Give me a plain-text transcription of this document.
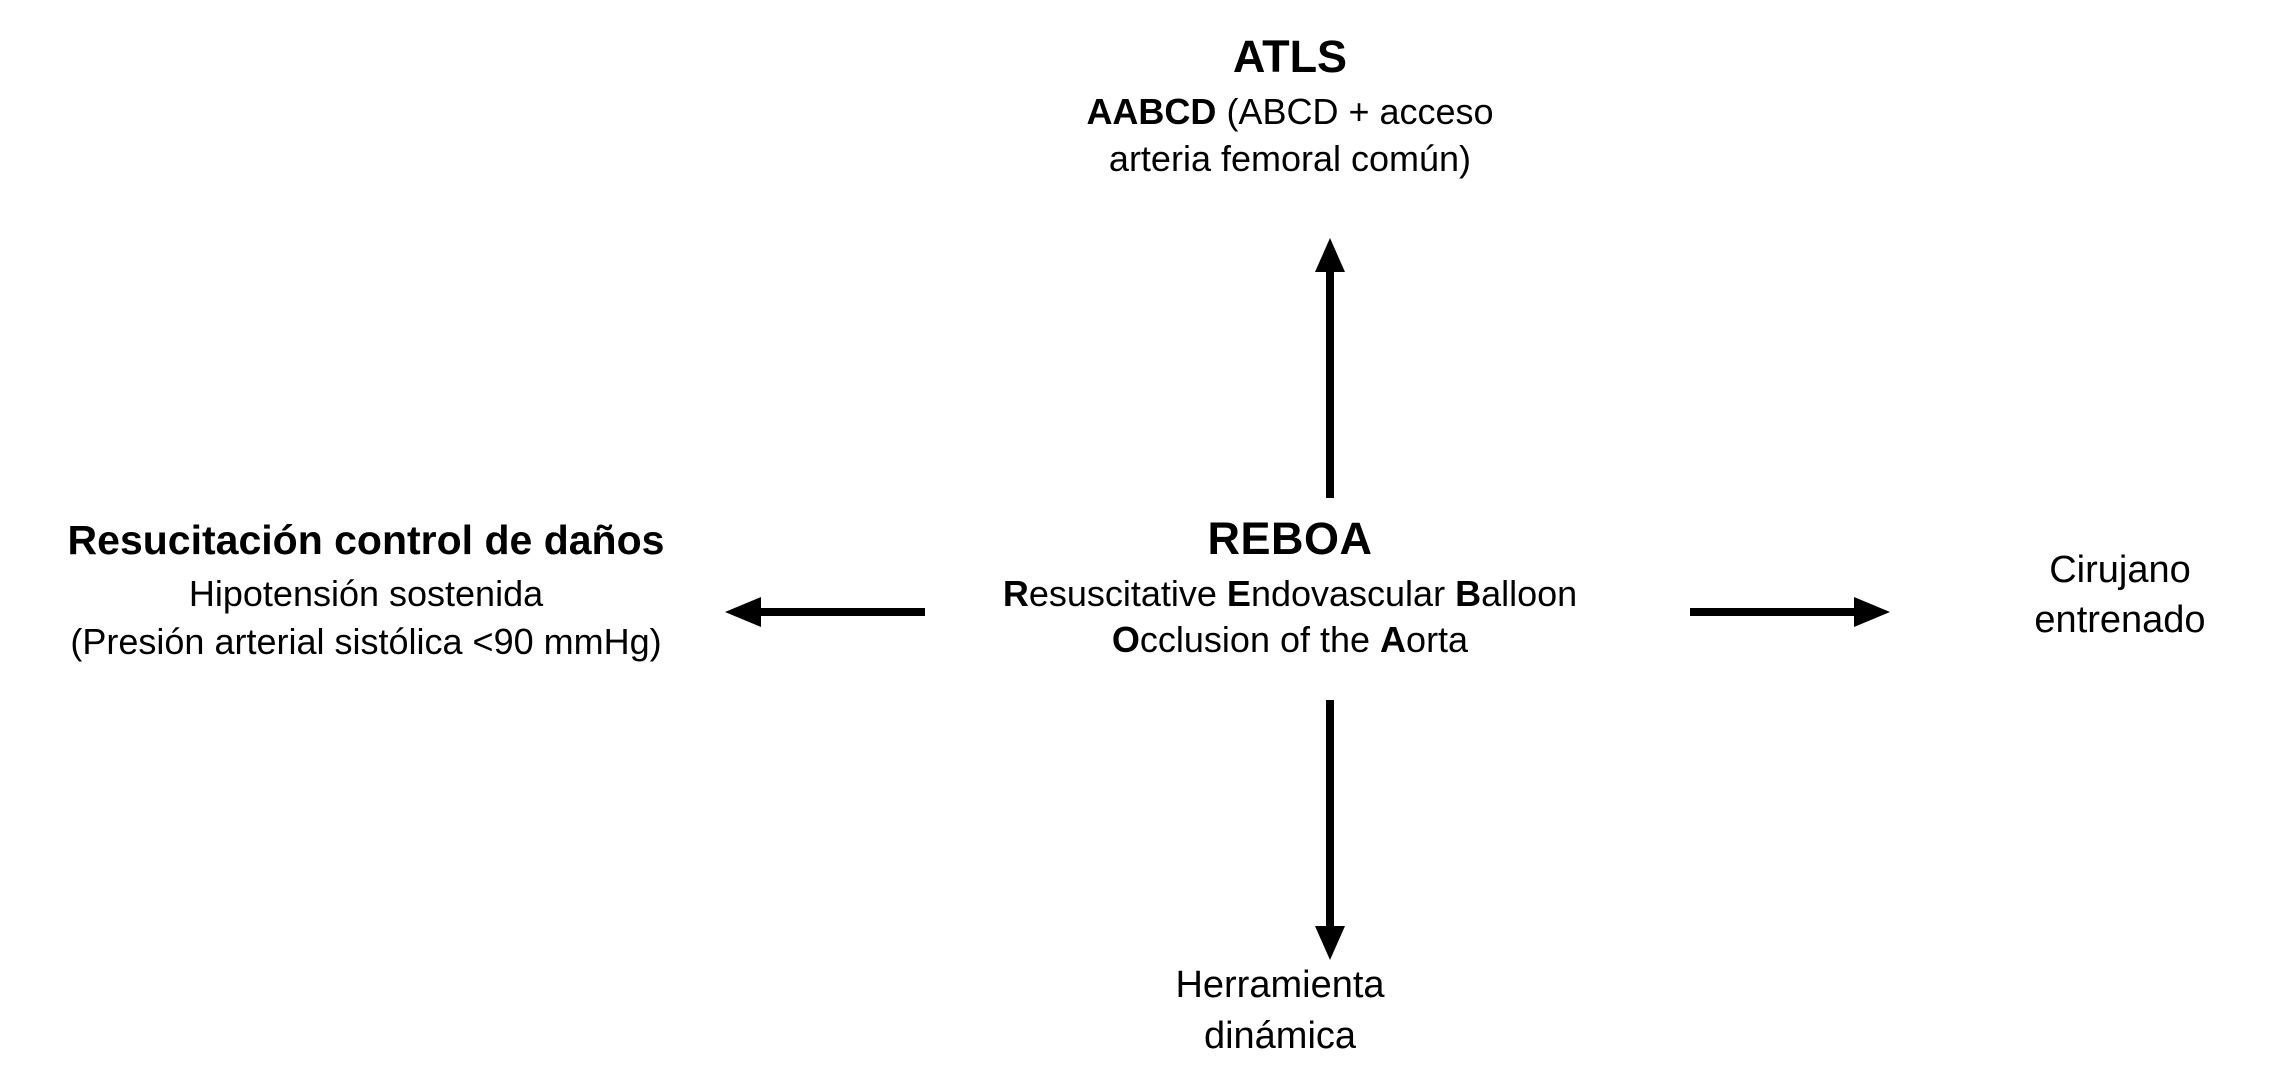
ATLS
AABCD (ABCD + acceso
arteria femoral común)
Resucitación control de daños
Hipotensión sostenida
(Presión arterial sistólica <90 mmHg)
REBOA
Resuscitative Endovascular Balloon
Occlusion of the Aorta
Cirujano
entrenado
Herramienta
dinámica
